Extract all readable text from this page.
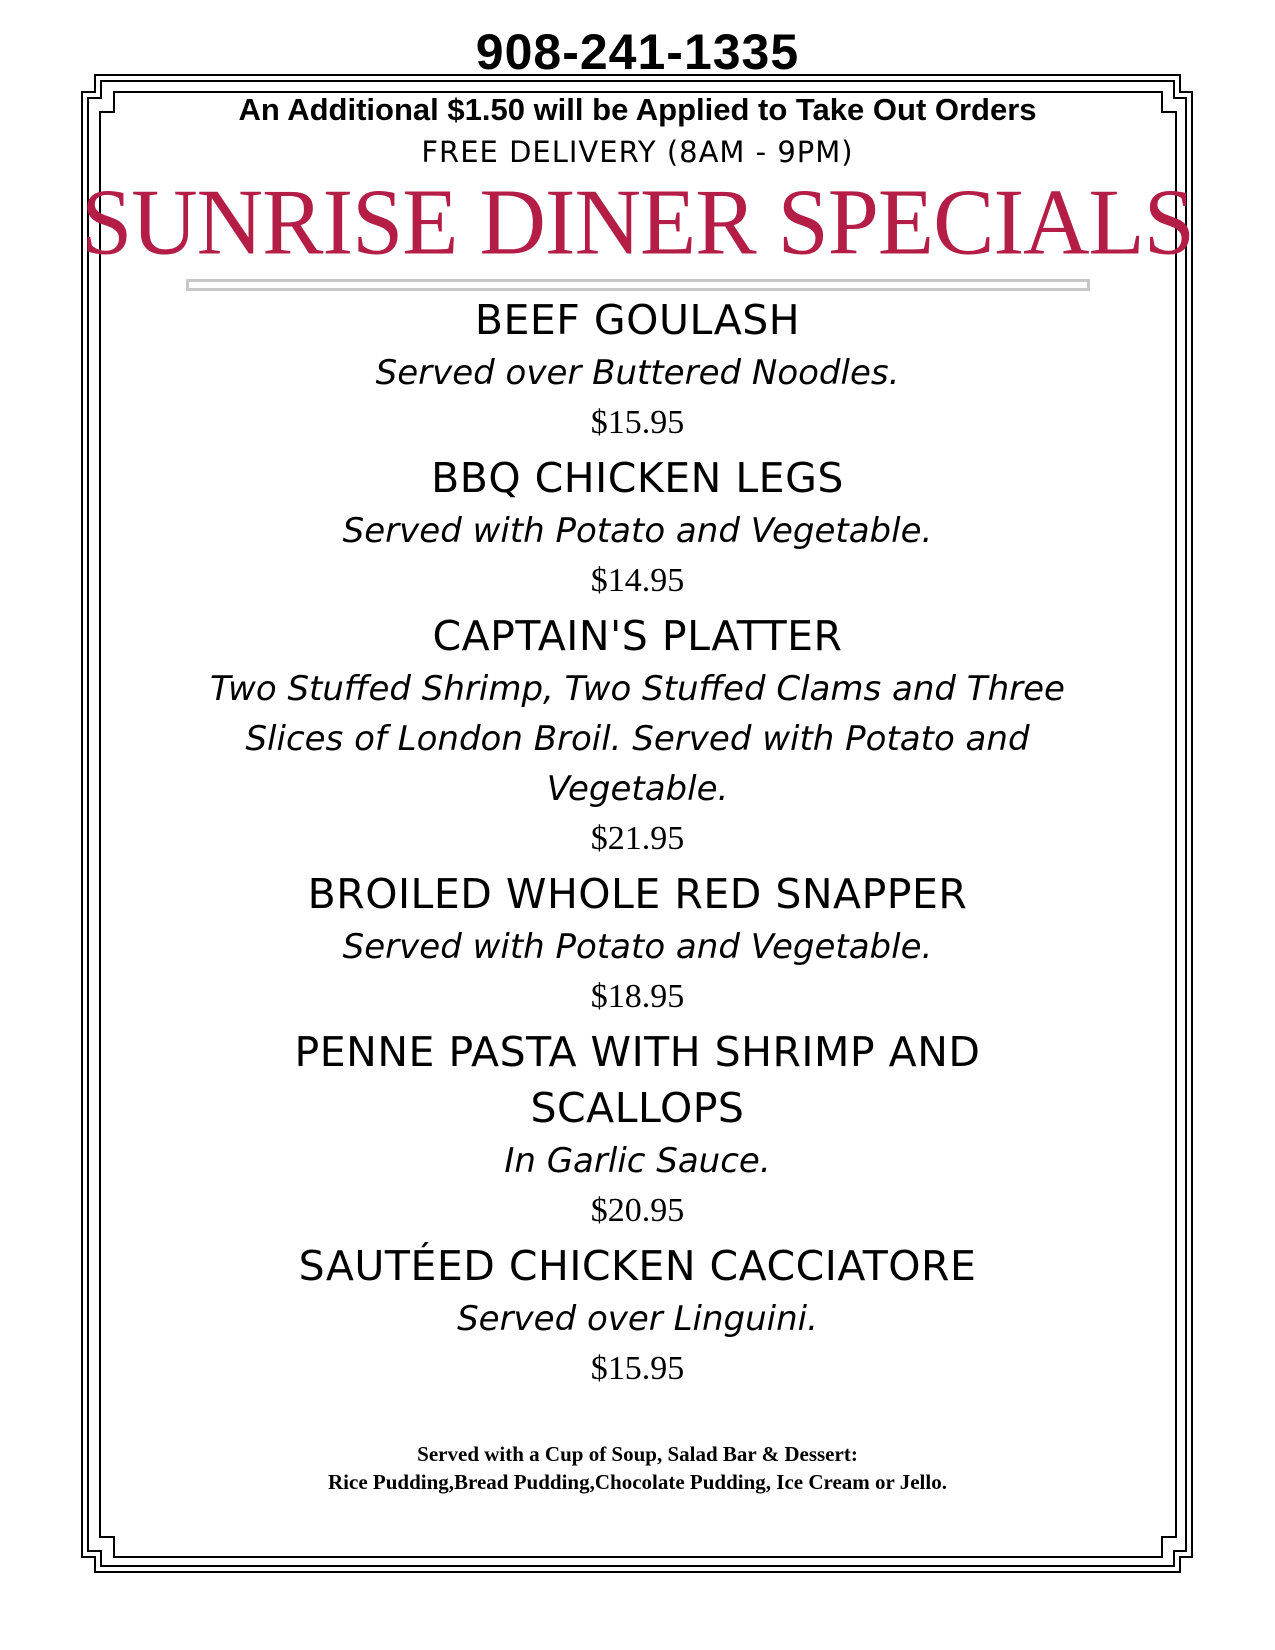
908-241-1335
An Additional $1.50 will be Applied to Take Out Orders
FREE DELIVERY (8AM - 9PM)
SUNRISE DINER SPECIALS
BEEF GOULASH
Served over Buttered Noodles.
$15.95
BBQ CHICKEN LEGS
Served with Potato and Vegetable.
$14.95
CAPTAIN'S PLATTER
Two Stuffed Shrimp, Two Stuffed Clams and Three Slices of London Broil. Served with Potato and Vegetable.
$21.95
BROILED WHOLE RED SNAPPER
Served with Potato and Vegetable.
$18.95
PENNE PASTA WITH SHRIMP AND SCALLOPS
In Garlic Sauce.
$20.95
SAUTÉED CHICKEN CACCIATORE
Served over Linguini.
$15.95
Served with a Cup of Soup, Salad Bar & Dessert:
Rice Pudding,Bread Pudding,Chocolate Pudding, Ice Cream or Jello.
